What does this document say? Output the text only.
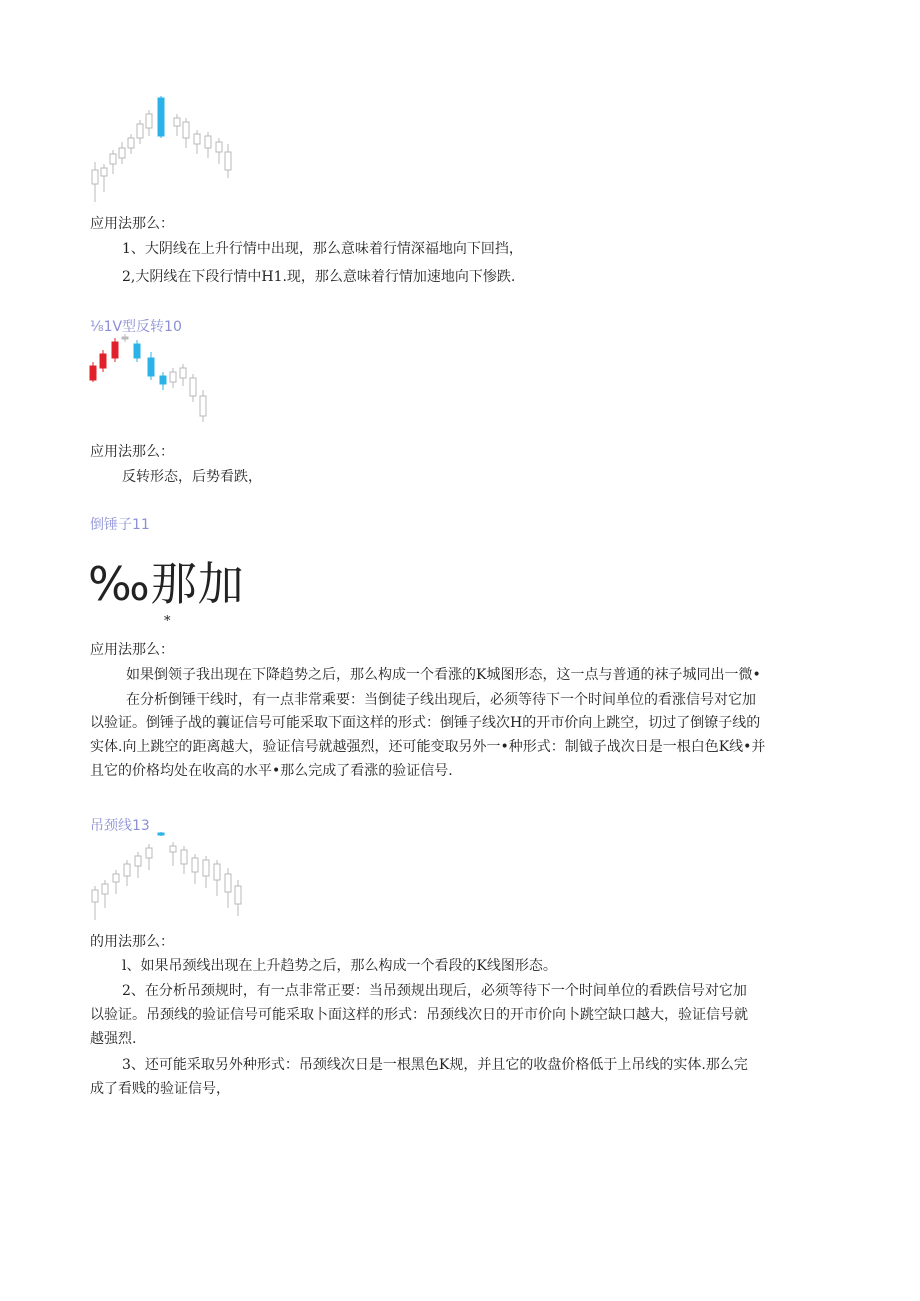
应用法那么：
1、大阴线在上升行情中出现，那么意味着行情深福地向下回挡，
2,大阴线在下段行情中H1.现，那么意味着行情加速地向下惨跌.
⅛1V型反转10
应用法那么：
反转形态，后势看跌，
倒锤子11
‰那加
*
应用法那么：
如果倒领子我出现在下降趋势之后，那么构成一个看涨的K城图形态，这一点与普通的袜子城同出一微•
在分析倒锤干线时，有一点非常乘要：当倒徒子线出现后，必须等待下一个时间单位的看涨信号对它加
以验证。倒锤子战的蘘证信号可能采取下面这样的形式：倒锤子线次H的开市价向上跳空，切过了倒镣子线的
实体.向上跳空的距离越大，验证信号就越强烈，还可能变取另外一•种形式：制钺子战次日是一根白色K线•并
且它的价格均处在收高的水平•那么完成了看涨的验证信号.
吊颈线13
的用法那么：
l、如果吊颈线出现在上升趋势之后，那么构成一个看段的K线图形态。
2、在分析吊颈规时，有一点非常正要：当吊颈规出现后，必须等待下一个时间单位的看跌信号对它加
以验证。吊颈线的验证信号可能采取卜面这样的形式：吊颈线次日的开市价向卜跳空缺口越大，验证信号就
越强烈.
3、还可能采取另外种形式：吊颈线次日是一根黑色K规，并且它的收盘价格低于上吊线的实体.那么完
成了看贱的验证信号，
